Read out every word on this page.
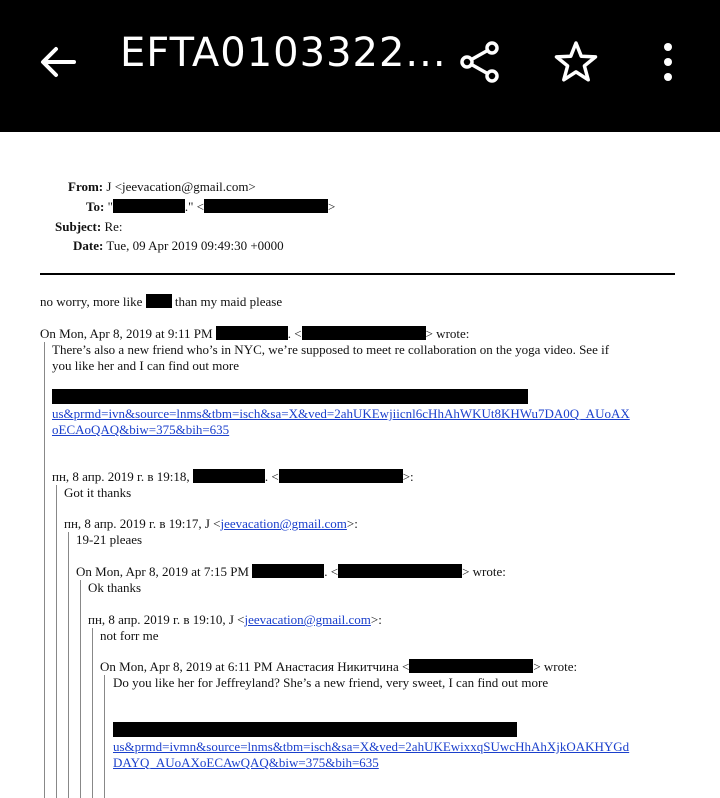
EFTA0103322...
From: J <jeevacation@gmail.com>
To: "	." <	>
Subject: Re:
Date: Tue, 09 Apr 2019 09:49:30 +0000
no worry, more like	than my maid please
On Mon, Apr 8, 2019 at 9:11 PM	. <	> wrote:
There’s also a new friend who’s in NYC, we’re supposed to meet re collaboration on the yoga video. See if
you like her and I can find out more
us&prmd=ivn&source=lnms&tbm=isch&sa=X&ved=2ahUKEwjiicnl6cHhAhWKUt8KHWu7DA0Q_AUoAX
oECAoQAQ&biw=375&bih=635
пн, 8 апр. 2019 г. в 19:18,	. <	>:
Got it thanks
пн, 8 апр. 2019 г. в 19:17, J <jeevacation@gmail.com>:
19-21 pleaes
On Mon, Apr 8, 2019 at 7:15 PM	. <	> wrote:
Ok thanks
пн, 8 апр. 2019 г. в 19:10, J <jeevacation@gmail.com>:
not forr me
On Mon, Apr 8, 2019 at 6:11 PM Анастасия Никитчина <	> wrote:
Do you like her for Jeffreyland? She’s a new friend, very sweet, I can find out more
us&prmd=ivmn&source=lnms&tbm=isch&sa=X&ved=2ahUKEwixxqSUwcHhAhXjkOAKHYGd
DAYQ_AUoAXoECAwQAQ&biw=375&bih=635
